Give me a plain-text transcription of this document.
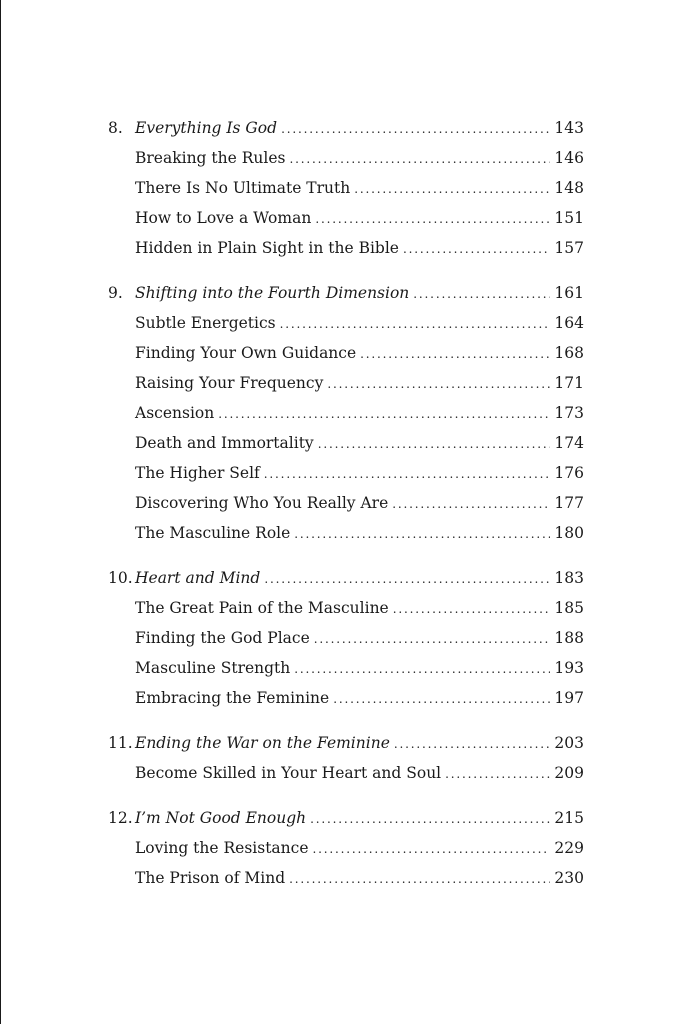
8. Everything Is God . . .	143
Breaking the Rules . . .	146
There Is No Ultimate Truth . . .	148
How to Love a Woman . . .	151
Hidden in Plain Sight in the Bible . . .	157
9. Shifting into the Fourth Dimension . . .	161
Subtle Energetics . . .	164
Finding Your Own Guidance . . .	168
Raising Your Frequency . . .	171
Ascension . . .	173
Death and Immortality . . .	174
The Higher Self . . .	176
Discovering Who You Really Are . . .	177
The Masculine Role . . .	180
10. Heart and Mind . . .	183
The Great Pain of the Masculine . . .	185
Finding the God Place . . .	188
Masculine Strength . . .	193
Embracing the Feminine . . .	197
11. Ending the War on the Feminine . . .	203
Become Skilled in Your Heart and Soul . . .	209
12. I’m Not Good Enough . . .	215
Loving the Resistance . . .	229
The Prison of Mind . . .	230
